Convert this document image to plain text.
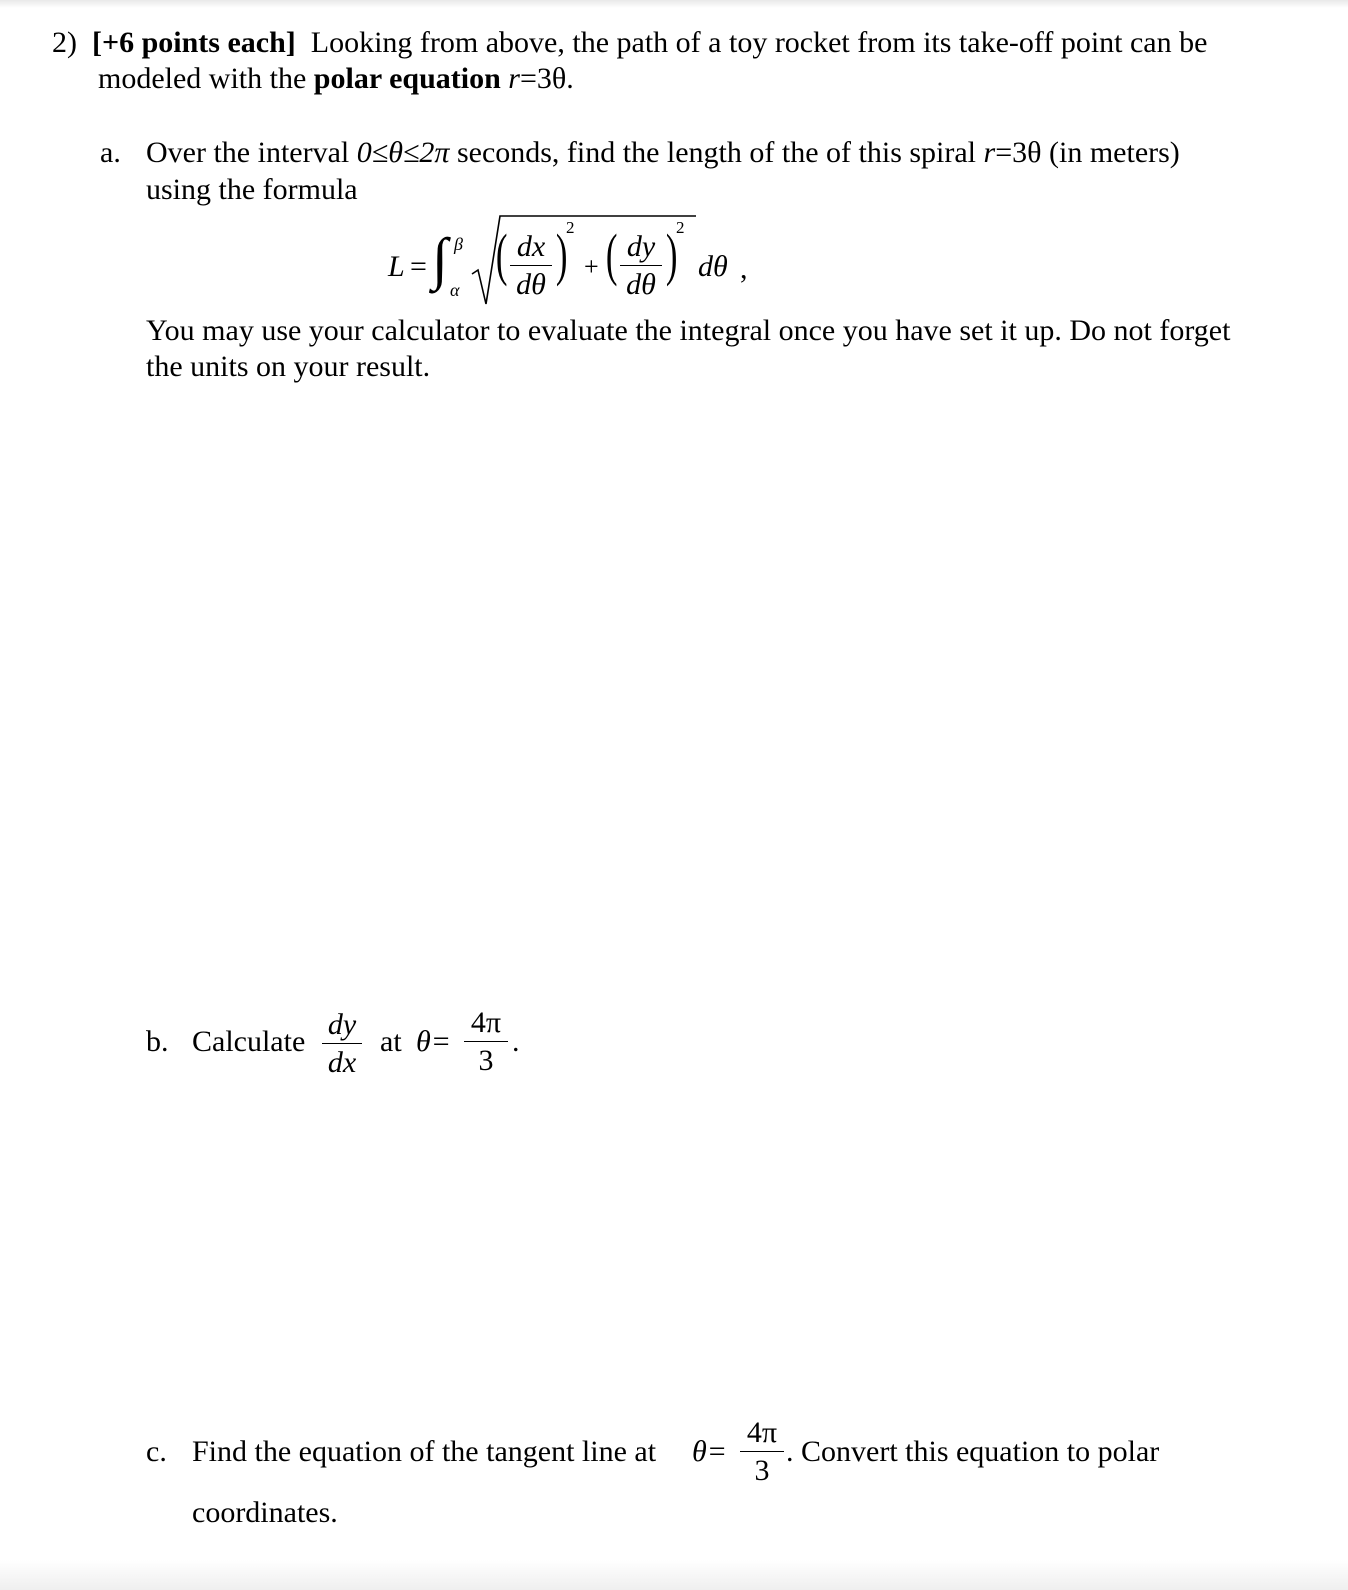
2) [+6 points each] Looking from above, the path of a toy rocket from its take-off point can be
modeled with the polar equation r=3θ.
a. Over the interval 0≤θ≤2π seconds, find the length of the of this spiral r=3θ (in meters)
using the formula
L = ∫ β
α
( dx
dθ )
2
+ ( dy
dθ )
2
dθ ,
You may use your calculator to evaluate the integral once you have set it up. Do not forget
the units on your result.
b. Calculate
dy
dx
at θ=
4π
3
.
c. Find the equation of the tangent line at θ=
4π
3
. Convert this equation to polar
coordinates.
